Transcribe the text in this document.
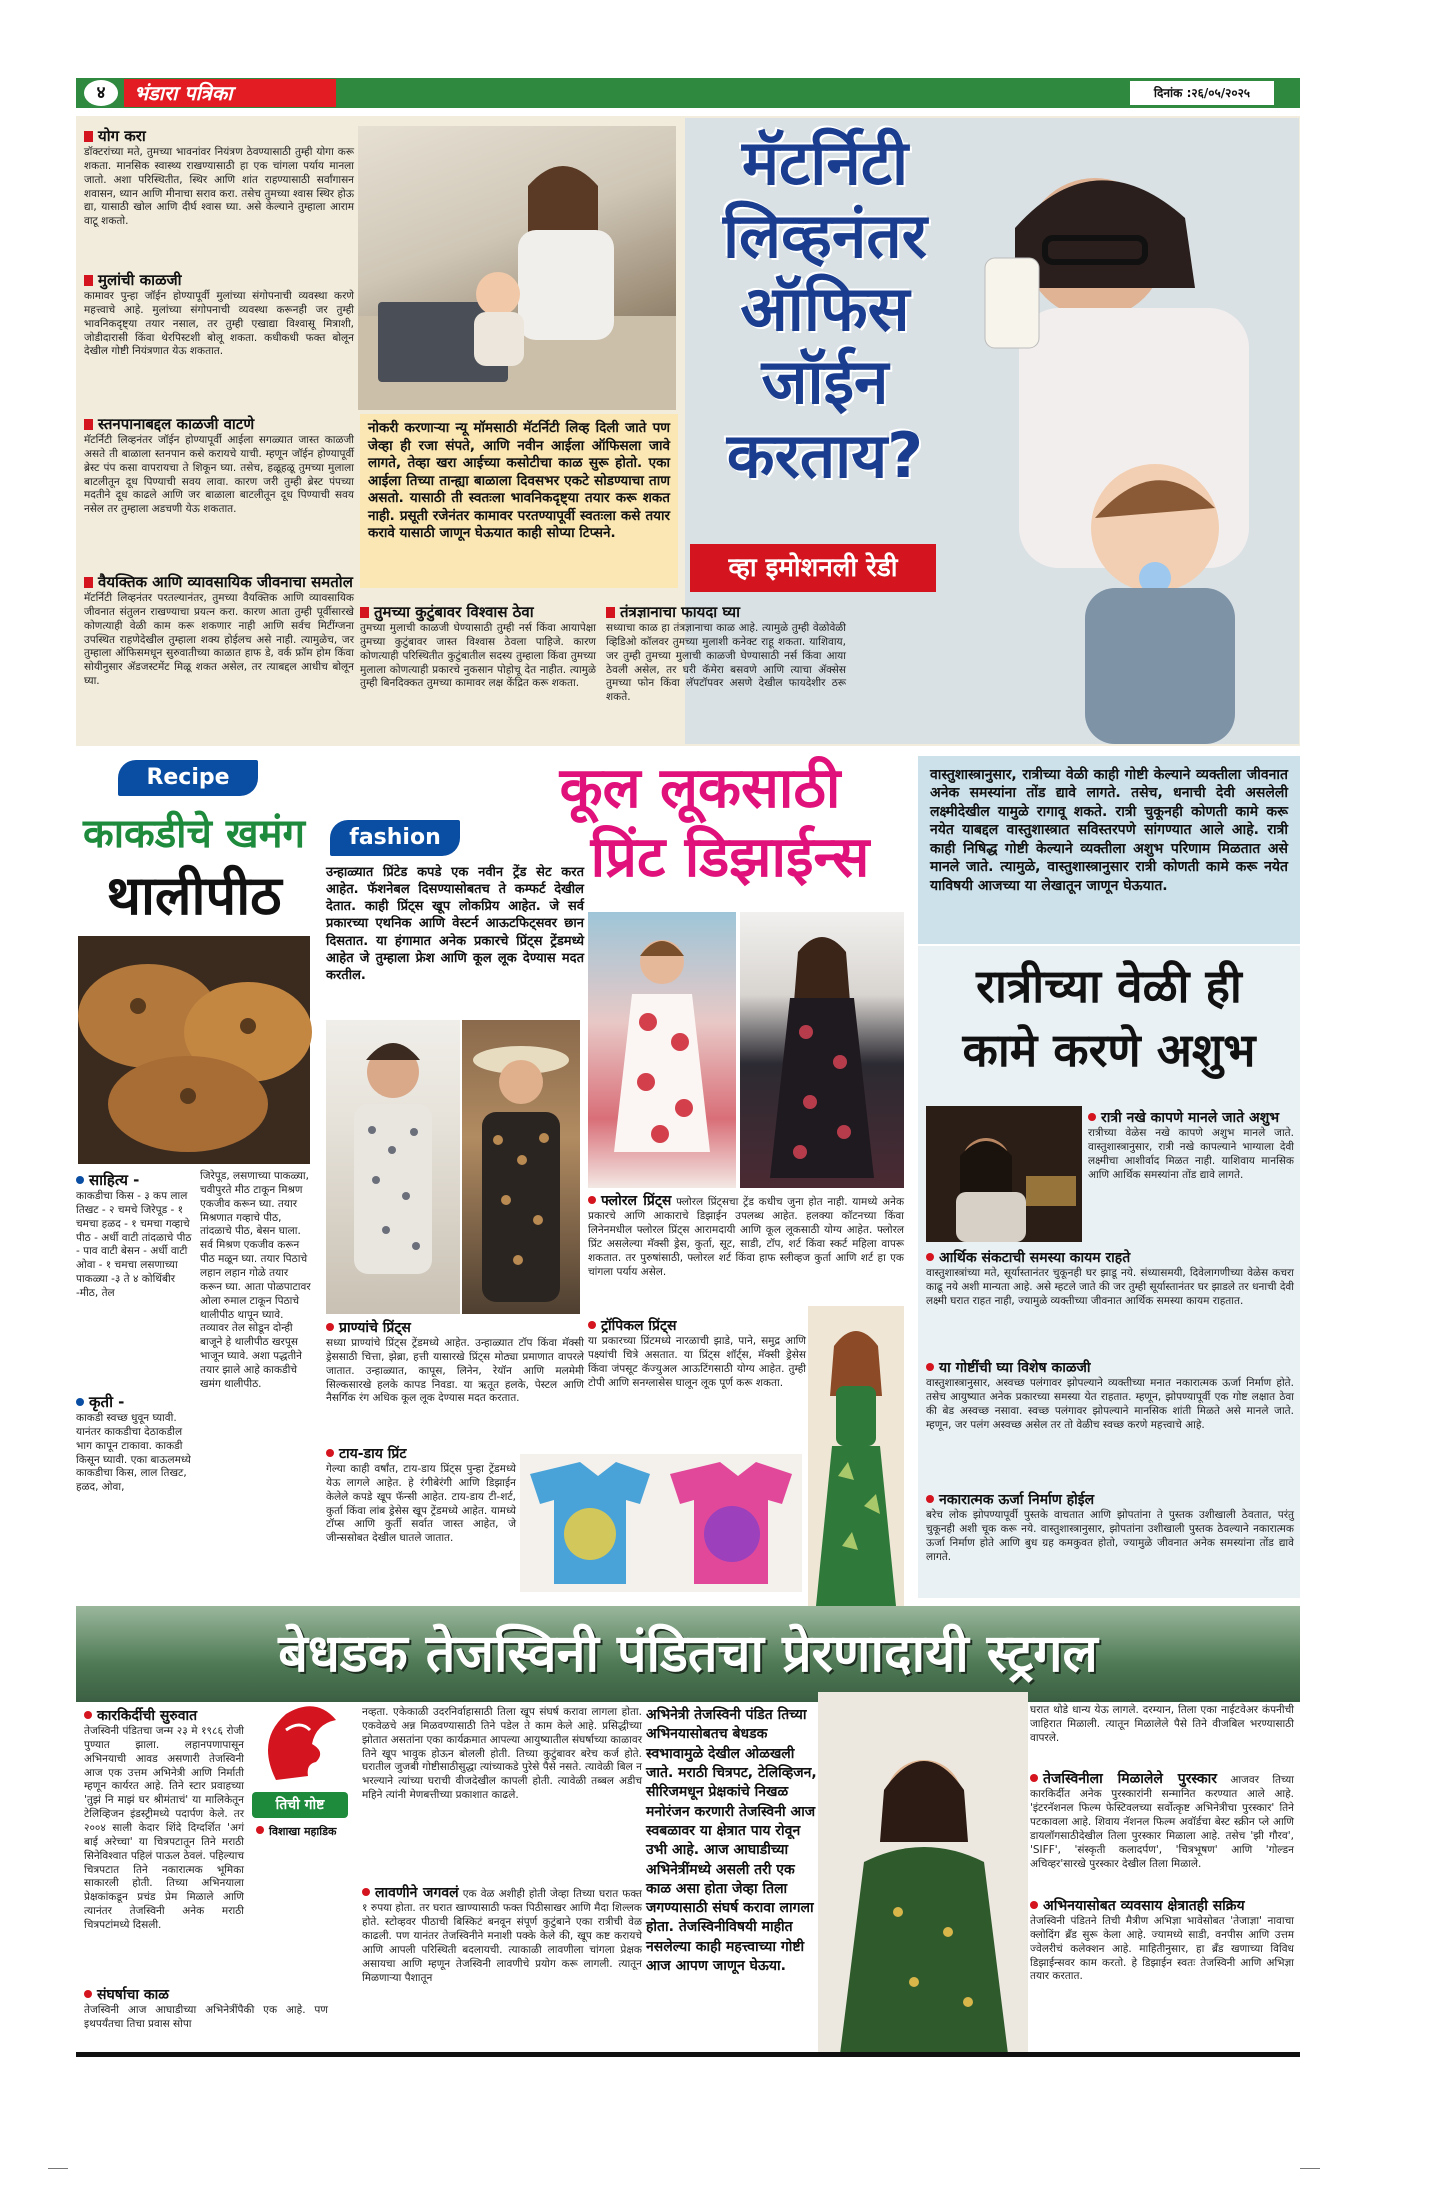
४	भंडारा पत्रिका	दिनांक :२६/०५/२०२५
योग करा
डॉक्टरांच्या मते, तुमच्या भावनांवर नियंत्रण ठेवण्यासाठी तुम्ही योगा करू शकता. मानसिक स्वास्थ्य राखण्यासाठी हा एक चांगला पर्याय मानला जातो. अशा परिस्थितीत, स्थिर आणि शांत राहण्यासाठी सर्वांगासन शवासन, ध्यान आणि मीनाचा सराव करा. तसेच तुमच्या श्वास स्थिर होऊ द्या, यासाठी खोल आणि दीर्घ श्वास घ्या. असे केल्याने तुम्हाला आराम वाटू शकतो.
मुलांची काळजी
कामावर पुन्हा जॉईन होण्यापूर्वी मुलांच्या संगोपनाची व्यवस्था करणे महत्त्वाचे आहे. मुलांच्या संगोपनाची व्यवस्था करूनही जर तुम्ही भावनिकदृष्ट्या तयार नसाल, तर तुम्ही एखाद्या विश्वासू मित्राशी, जोडीदारासी किंवा थेरपिस्टशी बोलू शकता. कधीकधी फक्त बोलून देखील गोष्टी नियंत्रणात येऊ शकतात.
स्तनपानाबद्दल काळजी वाटणे
मॅटर्निटी लिव्हनंतर जॉईन होण्यापूर्वी आईला सगळ्यात जास्त काळजी असते ती बाळाला स्तनपान कसे करायचे याची. म्हणून जॉईन होण्यापूर्वी ब्रेस्ट पंप कसा वापरायचा ते शिकून घ्या. तसेच, हळूहळू तुमच्या मुलाला बाटलीतून दूध पिण्याची सवय लावा. कारण जरी तुम्ही ब्रेस्ट पंपच्या मदतीने दूध काढले आणि जर बाळाला बाटलीतून दूध पिण्याची सवय नसेल तर तुम्हाला अडचणी येऊ शकतात.
वैयक्तिक आणि व्यावसायिक जीवनाचा समतोल
मॅटर्निटी लिव्हनंतर परतल्यानंतर, तुमच्या वैयक्तिक आणि व्यावसायिक जीवनात संतुलन राखण्याचा प्रयत्न करा. कारण आता तुम्ही पूर्वीसारखे कोणत्याही वेळी काम करू शकणार नाही आणि सर्वच मिटींग्जना उपस्थित राहणेदेखील तुम्हाला शक्य होईलच असे नाही. त्यामुळेच, जर तुम्हाला ऑफिसमधून सुरुवातीच्या काळात हाफ डे, वर्क फ्रॉम होम किंवा सोयीनुसार ॲडजस्टमेंट मिळू शकत असेल, तर त्याबद्दल आधीच बोलून घ्या.
नोकरी करणाऱ्या न्यू मॉमसाठी मॅटर्निटी लिव्ह दिली जाते पण जेव्हा ही रजा संपते, आणि नवीन आईला ऑफिसला जावे लागते, तेव्हा खरा आईच्या कसोटीचा काळ सुरू होतो. एका आईला तिच्या तान्ह्या बाळाला दिवसभर एकटे सोडण्याचा ताण असतो. यासाठी ती स्वतःला भावनिकदृष्ट्या तयार करू शकत नाही. प्रसूती रजेनंतर कामावर परतण्यापूर्वी स्वतःला कसे तयार करावे यासाठी जाणून घेऊयात काही सोप्या टिप्सने.
मॅटर्निटी
लिव्हनंतर
ऑफिस
जॉईन
करताय?
व्हा इमोशनली रेडी
तुमच्या कुटुंबावर विश्वास ठेवा
तुमच्या मुलाची काळजी घेण्यासाठी तुम्ही नर्स किंवा आयापेक्षा तुमच्या कुटुंबावर जास्त विश्वास ठेवला पाहिजे. कारण कोणत्याही परिस्थितीत कुटुंबातील सदस्य तुम्हाला किंवा तुमच्या मुलाला कोणत्याही प्रकारचे नुकसान पोहोचू देत नाहीत. त्यामुळे तुम्ही बिनदिक्कत तुमच्या कामावर लक्ष केंद्रित करू शकता.
तंत्रज्ञानाचा फायदा घ्या
सध्याचा काळ हा तंत्रज्ञानाचा काळ आहे. त्यामुळे तुम्ही वेळोवेळी व्हिडिओ कॉलवर तुमच्या मुलाशी कनेक्ट राहू शकता. याशिवाय, जर तुम्ही तुमच्या मुलाची काळजी घेण्यासाठी नर्स किंवा आया ठेवली असेल, तर घरी कॅमेरा बसवणे आणि त्याचा ॲक्सेस तुमच्या फोन किंवा लॅपटॉपवर असणे देखील फायदेशीर ठरू शकते.
Recipe
काकडीचे खमंग
थालीपीठ
साहित्य -
काकडीचा किस - ३ कप लाल तिखट - २ चमचे जिरेपूड - १ चमचा हळद - १ चमचा गव्हाचे पीठ - अर्धी वाटी तांदळाचे पीठ - पाव वाटी बेसन - अर्धी वाटी ओवा - १ चमचा लसणाच्या पाकळ्या -३ ते ४ कोथिंबीर -मीठ, तेल
कृती -
काकडी स्वच्छ धुवून घ्यावी. यानंतर काकडीचा देठाकडील भाग कापून टाकावा. काकडी किसून घ्यावी. एका बाऊलमध्ये काकडीचा किस, लाल तिखट, हळद, ओवा,
जिरेपूड, लसणाच्या पाकळ्या, चवीपुरते मीठ टाकून मिश्रण एकजीव करून घ्या. तयार मिश्रणात गव्हाचे पीठ, तांदळाचे पीठ, बेसन घाला. सर्व मिश्रण एकजीव करून पीठ मळून घ्या. तयार पिठाचे लहान लहान गोळे तयार करून घ्या. आता पोळपाटावर ओला रुमाल टाकून पिठाचे थालीपीठ थापून घ्यावे. तव्यावर तेल सोडून दोन्ही बाजूने हे थालीपीठ खरपूस भाजून घ्यावे. अशा पद्धतीने तयार झाले आहे काकडीचे खमंग थालीपीठ.
fashion
कूल लूकसाठी
प्रिंट डिझाईन्स
उन्हाळ्यात प्रिंटेड कपडे एक नवीन ट्रेंड सेट करत आहेत. फॅशनेबल दिसण्यासोबतच ते कम्फर्ट देखील देतात. काही प्रिंट्स खूप लोकप्रिय आहेत. जे सर्व प्रकारच्या एथनिक आणि वेस्टर्न आऊटफिट्सवर छान दिसतात. या हंगामात अनेक प्रकारचे प्रिंट्स ट्रेंडमध्ये आहेत जे तुम्हाला फ्रेश आणि कूल लूक देण्यास मदत करतील.
फ्लोरल प्रिंट्स फ्लोरल प्रिंट्सचा ट्रेंड कधीच जुना होत नाही. यामध्ये अनेक प्रकारचे आणि आकाराचे डिझाईन उपलब्ध आहेत. हलक्या कॉटनच्या किंवा लिनेनमधील फ्लोरल प्रिंट्स आरामदायी आणि कूल लूकसाठी योग्य आहेत. फ्लोरल प्रिंट असलेल्या मॅक्सी ड्रेस, कुर्ता, सूट, साडी, टॉप, शर्ट किंवा स्कर्ट महिला वापरू शकतात. तर पुरुषांसाठी, फ्लोरल शर्ट किंवा हाफ स्लीव्हज कुर्ता आणि शर्ट हा एक चांगला पर्याय असेल.
प्राण्यांचे प्रिंट्स
सध्या प्राण्यांचे प्रिंट्स ट्रेंडमध्ये आहेत. उन्हाळ्यात टॉप किंवा मॅक्सी ड्रेससाठी चित्ता, झेब्रा, हत्ती यासारखे प्रिंट्स मोठ्या प्रमाणात वापरले जातात. उन्हाळ्यात, कापूस, लिनेन, रेयॉन आणि मलमेमी सिल्कसारखे हलके कापड निवडा. या ऋतूत हलके, पेस्टल आणि नैसर्गिक रंग अधिक कूल लूक देण्यास मदत करतात.
ट्रॉपिकल प्रिंट्स
या प्रकारच्या प्रिंटमध्ये नारळाची झाडे, पाने, समुद्र आणि पक्ष्यांची चित्रे असतात. या प्रिंट्स शॉर्ट्स, मॅक्सी ड्रेसेस किंवा जंपसूट कॅज्युअल आऊटिंगसाठी योग्य आहेत. तुम्ही टोपी आणि सनग्लासेस घालून लूक पूर्ण करू शकता.
टाय-डाय प्रिंट
गेल्या काही वर्षांत, टाय-डाय प्रिंट्स पुन्हा ट्रेंडमध्ये येऊ लागले आहेत. हे रंगीबेरंगी आणि डिझाईन केलेले कपडे खूप फॅन्सी आहेत. टाय-डाय टी-शर्ट, कुर्ता किंवा लांब ड्रेसेस खूप ट्रेंडमध्ये आहेत. यामध्ये टॉप्स आणि कुर्ती सर्वात जास्त आहेत, जे जीन्ससोबत देखील घातले जातात.
वास्तुशास्त्रानुसार, रात्रीच्या वेळी काही गोष्टी केल्याने व्यक्तीला जीवनात अनेक समस्यांना तोंड द्यावे लागते. तसेच, धनाची देवी असलेली लक्ष्मीदेखील यामुळे रागावू शकते. रात्री चुकूनही कोणती कामे करू नयेत याबद्दल वास्तुशास्त्रात सविस्तरपणे सांगण्यात आले आहे. रात्री काही निषिद्ध गोष्टी केल्याने व्यक्तीला अशुभ परिणाम मिळतात असे मानले जाते. त्यामुळे, वास्तुशास्त्रानुसार रात्री कोणती कामे करू नयेत याविषयी आजच्या या लेखातून जाणून घेऊयात.
रात्रीच्या वेळी ही
कामे करणे अशुभ
रात्री नखे कापणे मानले जाते अशुभ
रात्रीच्या वेळेस नखे कापणे अशुभ मानले जाते. वास्तुशास्त्रानुसार, रात्री नखे कापल्याने भाग्याला देवी लक्ष्मीचा आशीर्वाद मिळत नाही. याशिवाय मानसिक आणि आर्थिक समस्यांना तोंड द्यावे लागते.
आर्थिक संकटाची समस्या कायम राहते
वास्तुशास्त्रांच्या मते, सूर्यास्तानंतर चुकूनही घर झाडू नये. संध्यासमयी, दिवेलागणीच्या वेळेस कचरा काढू नये अशी मान्यता आहे. असे म्हटले जाते की जर तुम्ही सूर्यास्तानंतर घर झाडले तर धनाची देवी लक्ष्मी घरात राहत नाही, ज्यामुळे व्यक्तीच्या जीवनात आर्थिक समस्या कायम राहतात.
या गोष्टींची घ्या विशेष काळजी
वास्तुशास्त्रानुसार, अस्वच्छ पलंगावर झोपल्याने व्यक्तीच्या मनात नकारात्मक ऊर्जा निर्माण होते. तसेच आयुष्यात अनेक प्रकारच्या समस्या येत राहतात. म्हणून, झोपण्यापूर्वी एक गोष्ट लक्षात ठेवा की बेड अस्वच्छ नसावा. स्वच्छ पलंगावर झोपल्याने मानसिक शांती मिळते असे मानले जाते. म्हणून, जर पलंग अस्वच्छ असेल तर तो वेळीच स्वच्छ करणे महत्त्वाचे आहे.
नकारात्मक ऊर्जा निर्माण होईल
बरेच लोक झोपण्यापूर्वी पुस्तके वाचतात आणि झोपतांना ते पुस्तक उशीखाली ठेवतात, परंतु चुकूनही अशी चूक करू नये. वास्तुशास्त्रानुसार, झोपतांना उशीखाली पुस्तक ठेवल्याने नकारात्मक ऊर्जा निर्माण होते आणि बुध ग्रह कमकुवत होतो, ज्यामुळे जीवनात अनेक समस्यांना तोंड द्यावे लागते.
बेधडक तेजस्विनी पंडितचा प्रेरणादायी स्ट्रगल
कारकिर्दीची सुरुवात
तेजस्विनी पंडितचा जन्म २३ मे १९८६ रोजी पुण्यात झाला. लहानपणापासून अभिनयाची आवड असणारी तेजस्विनी आज एक उत्तम अभिनेत्री आणि निर्माती म्हणून कार्यरत आहे. तिने स्टार प्रवाहच्या 'तुझं नि माझं घर श्रीमंताचं' या मालिकेतून टेलिव्हिजन इंडस्ट्रीमध्ये पदार्पण केले. तर २००४ साली केदार शिंदे दिग्दर्शित 'अगं बाई अरेच्चा' या चित्रपटातून तिने मराठी सिनेविश्वात पहिलं पाऊल ठेवलं. पहिल्याच चित्रपटात तिने नकारात्मक भूमिका साकारली होती. तिच्या अभिनयाला प्रेक्षकांकडून प्रचंड प्रेम मिळाले आणि त्यानंतर तेजस्विनी अनेक मराठी चित्रपटांमध्ये दिसली.
संघर्षाचा काळ
तेजस्विनी आज आघाडीच्या अभिनेत्रींपैकी एक आहे. पण इथपर्यंतचा तिचा प्रवास सोपा
तिची गोष्ट
विशाखा महाडिक
नव्हता. एकेकाळी उदरनिर्वाहासाठी तिला खूप संघर्ष करावा लागला होता. एकवेळचे अन्न मिळवण्यासाठी तिने पडेल ते काम केले आहे. प्रसिद्धीच्या झोतात असतांना एका कार्यक्रमात आपल्या आयुष्यातील संघर्षाच्या काळावर तिने खूप भावुक होऊन बोलली होती. तिच्या कुटुंबावर बरेच कर्ज होते. घरातील जुजबी गोष्टीसाठीसुद्धा त्यांच्याकडे पुरेसे पैसे नसते. त्यावेळी बिल न भरल्याने त्यांच्या घराची वीजदेखील कापली होती. त्यावेळी तब्बल अडीच महिने त्यांनी मेणबत्तीच्या प्रकाशात काढले.
लावणीने जगवलं एक वेळ अशीही होती जेव्हा तिच्या घरात फक्त १ रुपया होता. तर घरात खाण्यासाठी फक्त पिठीसाखर आणि मैदा शिल्लक होते. स्टोव्हवर पीठाची बिस्किटं बनवून संपूर्ण कुटुंबाने एका रात्रीची वेळ काढली. पण यानंतर तेजस्विनीने मनाशी पक्के केले की, खूप कष्ट करायचे आणि आपली परिस्थिती बदलायची. त्याकाळी लावणीला चांगला प्रेक्षक असायचा आणि म्हणून तेजस्विनी लावणीचे प्रयोग करू लागली. त्यातून मिळणाऱ्या पैशातून
अभिनेत्री तेजस्विनी पंडित तिच्या अभिनयासोबतच बेधडक स्वभावामुळे देखील ओळखली जाते. मराठी चित्रपट, टेलिव्हिजन, सीरिजमधून प्रेक्षकांचे निखळ मनोरंजन करणारी तेजस्विनी आज स्वबळावर या क्षेत्रात पाय रोवून उभी आहे. आज आघाडीच्या अभिनेत्रींमध्ये असली तरी एक काळ असा होता जेव्हा तिला जगण्यासाठी संघर्ष करावा लागला होता. तेजस्विनीविषयी माहीत नसलेल्या काही महत्त्वाच्या गोष्टी आज आपण जाणून घेऊया.
घरात थोडे धान्य येऊ लागले. दरम्यान, तिला एका नाईटवेअर कंपनीची जाहिरात मिळाली. त्यातून मिळालेले पैसे तिने वीजबिल भरण्यासाठी वापरले.
तेजस्विनीला मिळालेले पुरस्कार आजवर तिच्या कारकिर्दीत अनेक पुरस्कारांनी सन्मानित करण्यात आले आहे. 'इंटरनॅशनल फिल्म फेस्टिवलच्या सर्वोत्कृष्ट अभिनेत्रीचा पुरस्कार' तिने पटकावला आहे. शिवाय नॅशनल फिल्म अवॉर्डचा बेस्ट स्क्रीन प्ले आणि डायलॉगसाठीदेखील तिला पुरस्कार मिळाला आहे. तसेच 'झी गौरव', 'SIFF', 'संस्कृती कलादर्पण', 'चित्रभूषण' आणि 'गोल्डन अचिव्हर'सारखे पुरस्कार देखील तिला मिळाले.
अभिनयासोबत व्यवसाय क्षेत्रातही सक्रिय
तेजस्विनी पंडितने तिची मैत्रीण अभिज्ञा भावेसोबत 'तेजाज्ञा' नावाचा क्लोदिंग ब्रँड सुरू केला आहे. ज्यामध्ये साडी, वनपीस आणि उत्तम ज्वेलरीचं कलेक्शन आहे. माहितीनुसार, हा ब्रँड खणाच्या विविध डिझाईन्सवर काम करतो. हे डिझाईन स्वतः तेजस्विनी आणि अभिज्ञा तयार करतात.
